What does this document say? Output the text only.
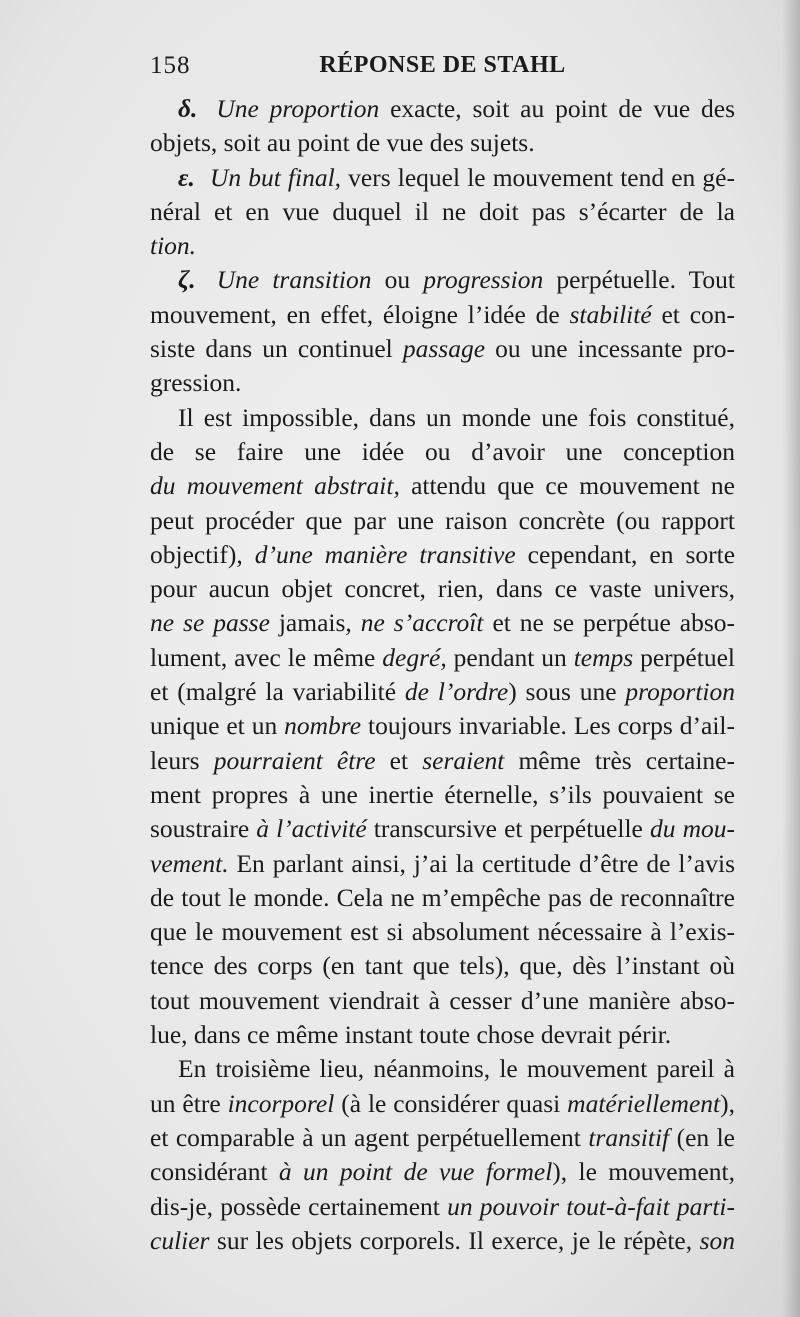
158	RÉPONSE DE STAHL
δ. Une proportion exacte, soit au point de vue des
objets, soit au point de vue des sujets.
ε. Un but final, vers lequel le mouvement tend en gé-
néral et en vue duquel il ne doit pas s’écarter de la
tion.
ζ. Une transition ou progression perpétuelle. Tout
mouvement, en effet, éloigne l’idée de stabilité et con-
siste dans un continuel passage ou une incessante pro-
gression.
Il est impossible, dans un monde une fois constitué,
de se faire une idée ou d’avoir une conception
du mouvement abstrait, attendu que ce mouvement ne
peut procéder que par une raison concrète (ou rapport
objectif), d’une manière transitive cependant, en sorte
pour aucun objet concret, rien, dans ce vaste univers,
ne se passe jamais, ne s’accroît et ne se perpétue abso-
lument, avec le même degré, pendant un temps perpétuel
et (malgré la variabilité de l’ordre) sous une proportion
unique et un nombre toujours invariable. Les corps d’ail-
leurs pourraient être et seraient même très certaine-
ment propres à une inertie éternelle, s’ils pouvaient se
soustraire à l’activité transcursive et perpétuelle du mou-
vement. En parlant ainsi, j’ai la certitude d’être de l’avis
de tout le monde. Cela ne m’empêche pas de reconnaître
que le mouvement est si absolument nécessaire à l’exis-
tence des corps (en tant que tels), que, dès l’instant où
tout mouvement viendrait à cesser d’une manière abso-
lue, dans ce même instant toute chose devrait périr.
En troisième lieu, néanmoins, le mouvement pareil à
un être incorporel (à le considérer quasi matériellement),
et comparable à un agent perpétuellement transitif (en le
considérant à un point de vue formel), le mouvement,
dis-je, possède certainement un pouvoir tout-à-fait parti-
culier sur les objets corporels. Il exerce, je le répète, son
